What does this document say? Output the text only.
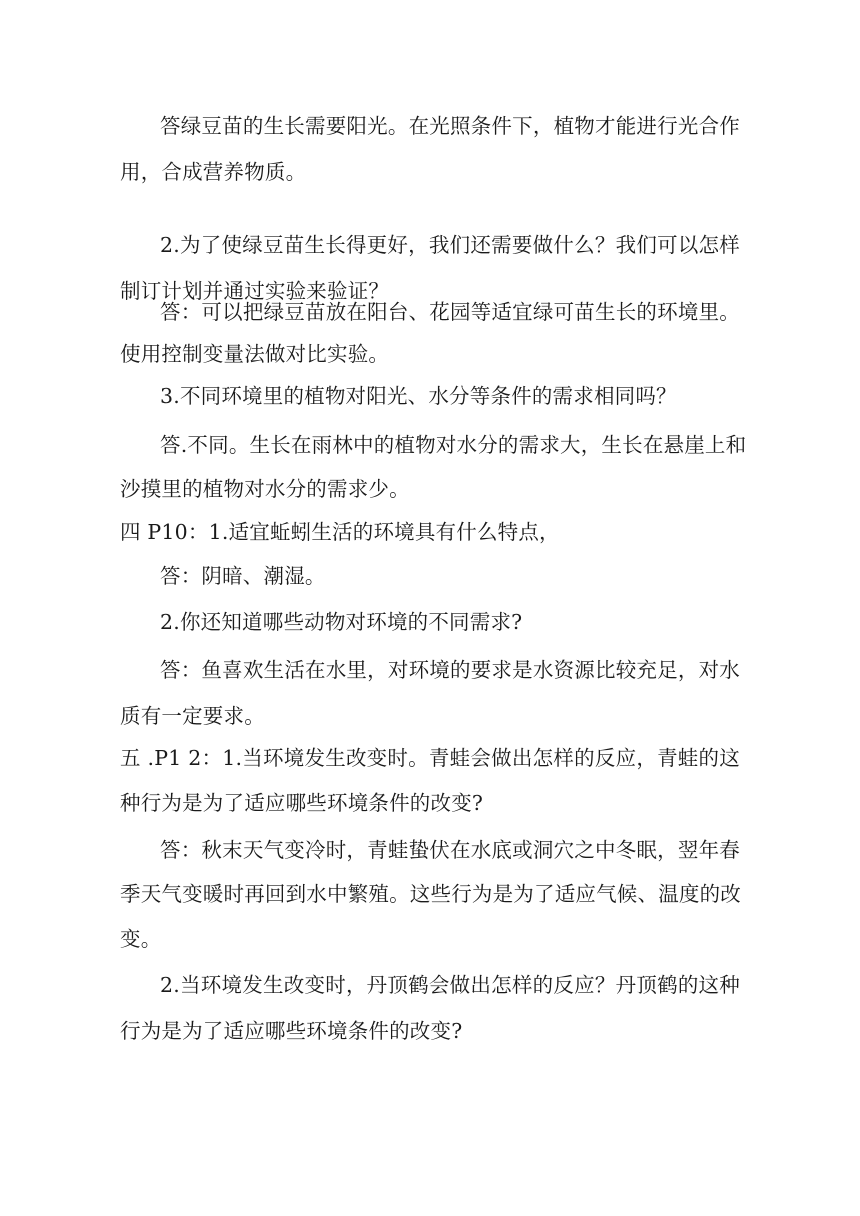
答绿豆苗的生长需要阳光。在光照条件下，植物才能进行光合作
用，合成营养物质。
2.为了使绿豆苗生长得更好，我们还需要做什么？我们可以怎样
制订计划并通过实验来验证？
答：可以把绿豆苗放在阳台、花园等适宜绿可苗生长的环境里。
使用控制变量法做对比实验。
3.不同环境里的植物对阳光、水分等条件的需求相同吗？
答.不同。生长在雨林中的植物对水分的需求大，生长在悬崖上和
沙摸里的植物对水分的需求少。
四 P10：1.适宜蚯蚓生活的环境具有什么特点，
答：阴暗、潮湿。
2.你还知道哪些动物对环境的不同需求?
答：鱼喜欢生活在水里，对环境的要求是水资源比较充足，对水
质有一定要求。
五 .P1 2：1.当环境发生改变时。青蛙会做出怎样的反应，青蛙的这
种行为是为了适应哪些环境条件的改变?
答：秋末天气变冷时，青蛙蛰伏在水底或洞穴之中冬眠，翌年春
季天气变暖时再回到水中繁殖。这些行为是为了适应气候、温度的改
变。
2.当环境发生改变时，丹顶鹤会做出怎样的反应？丹顶鹤的这种
行为是为了适应哪些环境条件的改变?
